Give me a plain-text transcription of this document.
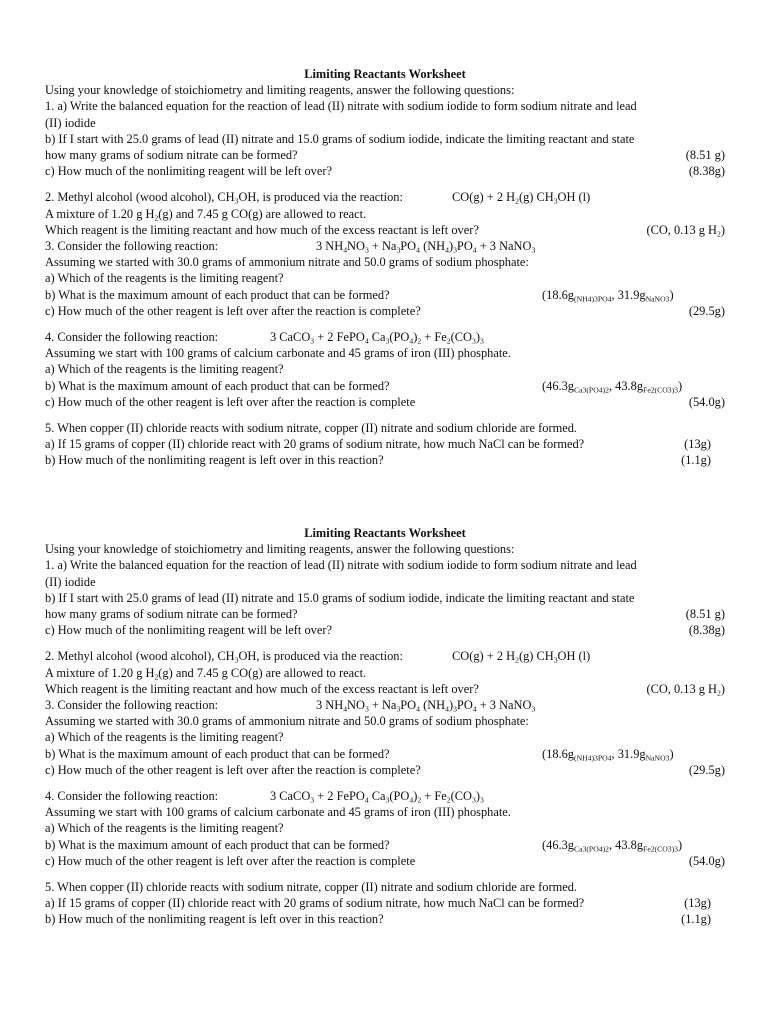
Limiting Reactants Worksheet
Using your knowledge of stoichiometry and limiting reagents, answer the following questions:
1. a) Write the balanced equation for the reaction of lead (II) nitrate with sodium iodide to form sodium nitrate and lead
(II) iodide
b) If I start with 25.0 grams of lead (II) nitrate and 15.0 grams of sodium iodide, indicate the limiting reactant and state
how many grams of sodium nitrate can be formed?	(8.51 g)
c) How much of the nonlimiting reagent will be left over?	(8.38g)
2. Methyl alcohol (wood alcohol), $CH_3OH$, is produced via the reaction:	CO(g) + 2 $H_2(g)$ $CH_3OH$ (l)
A mixture of 1.20 g $H_2(g)$ and 7.45 g CO(g) are allowed to react.
Which reagent is the limiting reactant and how much of the excess reactant is left over?	(CO, 0.13 g $H_2$)
3. Consider the following reaction:	3 $NH_4NO_3 + Na_3PO_4$ $(NH_4)_3PO_4 + 3$ NaNO$_3$
Assuming we started with 30.0 grams of ammonium nitrate and 50.0 grams of sodium phosphate:
a) Which of the reagents is the limiting reagent?
b) What is the maximum amount of each product that can be formed?	($18.6g_{(NH4)3PO4}$, $31.9g_{NaNO3}$)
c) How much of the other reagent is left over after the reaction is complete?	(29.5g)
4. Consider the following reaction:	3 CaCO$_3$ + 2 FePO$_4$ $Ca_3(PO_4)_2 + Fe_2(CO_3)_3$
Assuming we start with 100 grams of calcium carbonate and 45 grams of iron (III) phosphate.
a) Which of the reagents is the limiting reagent?
b) What is the maximum amount of each product that can be formed?	($46.3g_{Ca3(PO4)2}$, $43.8g_{Fe2(CO3)3}$)
c) How much of the other reagent is left over after the reaction is complete	(54.0g)
5. When copper (II) chloride reacts with sodium nitrate, copper (II) nitrate and sodium chloride are formed.
a) If 15 grams of copper (II) chloride react with 20 grams of sodium nitrate, how much NaCl can be formed?	(13g)
b) How much of the nonlimiting reagent is left over in this reaction?	(1.1g)
Limiting Reactants Worksheet
Using your knowledge of stoichiometry and limiting reagents, answer the following questions:
1. a) Write the balanced equation for the reaction of lead (II) nitrate with sodium iodide to form sodium nitrate and lead
(II) iodide
b) If I start with 25.0 grams of lead (II) nitrate and 15.0 grams of sodium iodide, indicate the limiting reactant and state
how many grams of sodium nitrate can be formed?	(8.51 g)
c) How much of the nonlimiting reagent will be left over?	(8.38g)
2. Methyl alcohol (wood alcohol), $CH_3OH$, is produced via the reaction:	CO(g) + 2 $H_2(g)$ $CH_3OH$ (l)
A mixture of 1.20 g $H_2(g)$ and 7.45 g CO(g) are allowed to react.
Which reagent is the limiting reactant and how much of the excess reactant is left over?	(CO, 0.13 g $H_2$)
3. Consider the following reaction:	3 $NH_4NO_3 + Na_3PO_4$ $(NH_4)_3PO_4 + 3$ NaNO$_3$
Assuming we started with 30.0 grams of ammonium nitrate and 50.0 grams of sodium phosphate:
a) Which of the reagents is the limiting reagent?
b) What is the maximum amount of each product that can be formed?	($18.6g_{(NH4)3PO4}$, $31.9g_{NaNO3}$)
c) How much of the other reagent is left over after the reaction is complete?	(29.5g)
4. Consider the following reaction:	3 CaCO$_3$ + 2 FePO$_4$ $Ca_3(PO_4)_2 + Fe_2(CO_3)_3$
Assuming we start with 100 grams of calcium carbonate and 45 grams of iron (III) phosphate.
a) Which of the reagents is the limiting reagent?
b) What is the maximum amount of each product that can be formed?	($46.3g_{Ca3(PO4)2}$, $43.8g_{Fe2(CO3)3}$)
c) How much of the other reagent is left over after the reaction is complete	(54.0g)
5. When copper (II) chloride reacts with sodium nitrate, copper (II) nitrate and sodium chloride are formed.
a) If 15 grams of copper (II) chloride react with 20 grams of sodium nitrate, how much NaCl can be formed?	(13g)
b) How much of the nonlimiting reagent is left over in this reaction?	(1.1g)
